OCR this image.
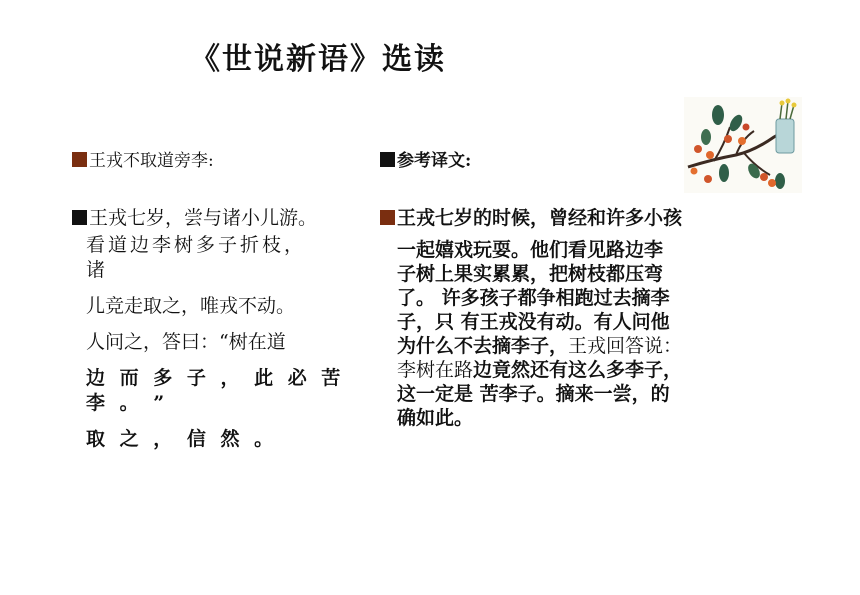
《世说新语》选读
王戎不取道旁李:	参考译文:

王戎七岁，尝与诸小儿游。

看道边李树多子折枝，

诸

儿竞走取之，唯戎不动。

人问之，答曰：“树在道

边 而 多 子 ， 此 必 苦 李 。 ”

取 之 ， 信 然 。

王戎七岁的时候，曾经和许多小孩
一起嬉戏玩耍。他们看见路边李
子树上果实累累，把树枝都压弯
了。 许多孩子都争相跑过去摘李
子，只 有王戎没有动。有人问他
为什么不去摘李子，王戎回答说：
李树在路边竟然还有这么多李子，
这一定是 苦李子。摘来一尝，的
确如此。
